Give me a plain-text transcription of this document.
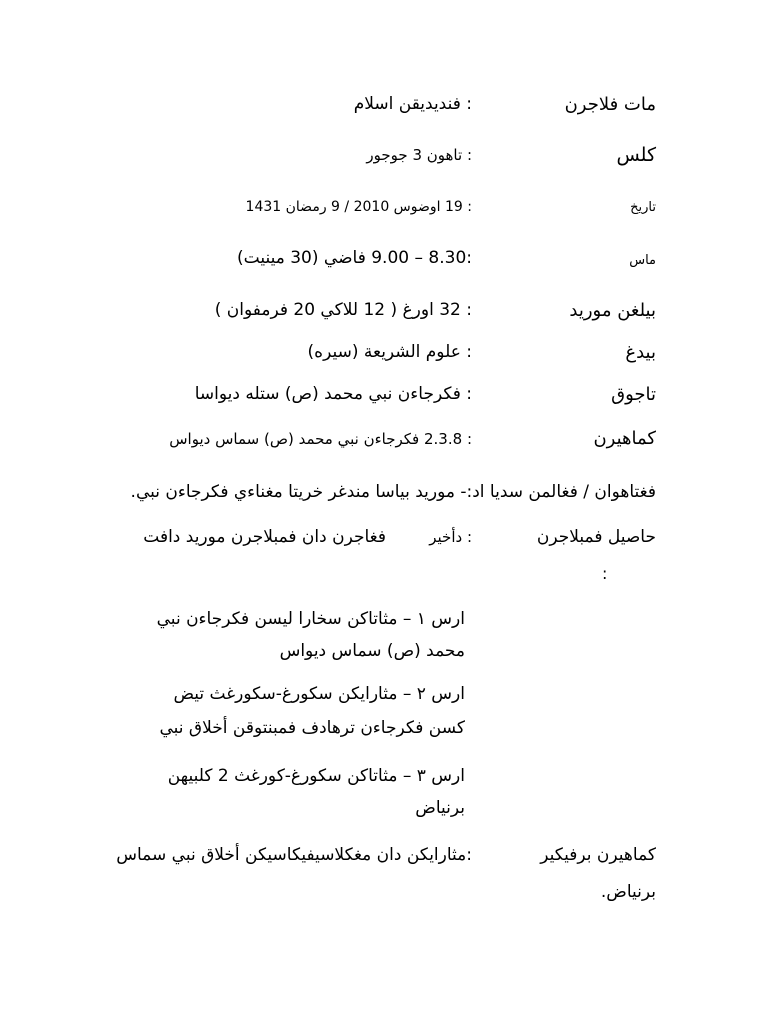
مات فلاجرن
: فنديديقن اسلام
كلس
: تاهون 3 جوجور
تاريخ
: 19 اوضوس 2010 / 9 رمضان 1431
ماس
:8.30 – 9.00 فاضي (30 مينيت)
بيلغن موريد
: 32 اورغ ( 12 للاكي 20 فرمفوان )
بيدغ
: علوم الشريعة (سيره)
تاجوق
: فكرجاءن نبي محمد (ص) ستله ديواسا
كماهيرن
: 2.3.8 فكرجاءن نبي محمد (ص) سماس ديواس
فغتاهوان / فغالمن سديا اد:- موريد بياسا مندغر خريتا مغناءي فكرجاءن نبي.
حاصيل فمبلاجرن
: دأخير
فغاجرن دان فمبلاجرن موريد دافت
:
ارس ١ – مثاتاكن سخارا ليسن فكرجاءن نبي
محمد (ص) سماس ديواس
ارس ٢ – مثارايكن سكورغ-سكورغث تيض
كسن فكرجاءن ترهادف فمبنتوقن أخلاق نبي
ارس ٣ – مثاتاكن سكورغ-كورغث 2 كلبيهن
برنياض
كماهيرن برفيكير
:مثارايكن دان مغكلاسيفيكاسيكن أخلاق نبي سماس
برنياض.
